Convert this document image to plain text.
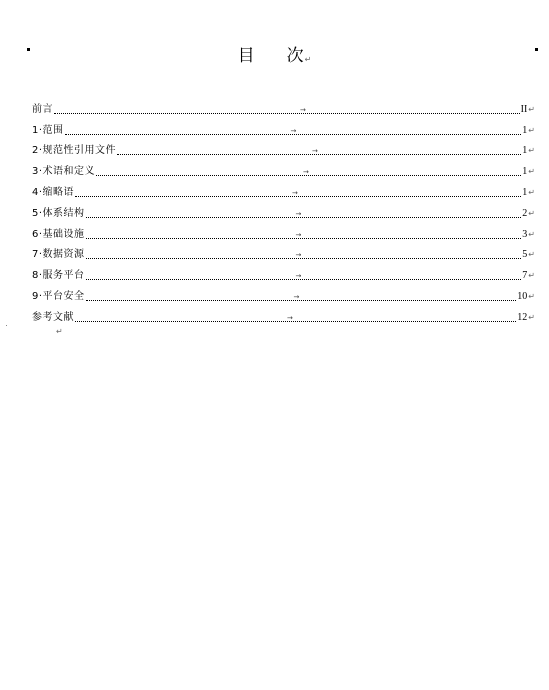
目 次↵
前言	→	II ↵
1·范围	→	1 ↵
2·规范性引用文件	→	1 ↵
3·术语和定义	→	1 ↵
4·缩略语	→	1 ↵
5·体系结构	→	2 ↵
6·基础设施	→	3 ↵
7·数据资源	→	5 ↵
8·服务平台	→	7 ↵
9·平台安全	→	10 ↵
参考文献	→	12 ↵
↵
